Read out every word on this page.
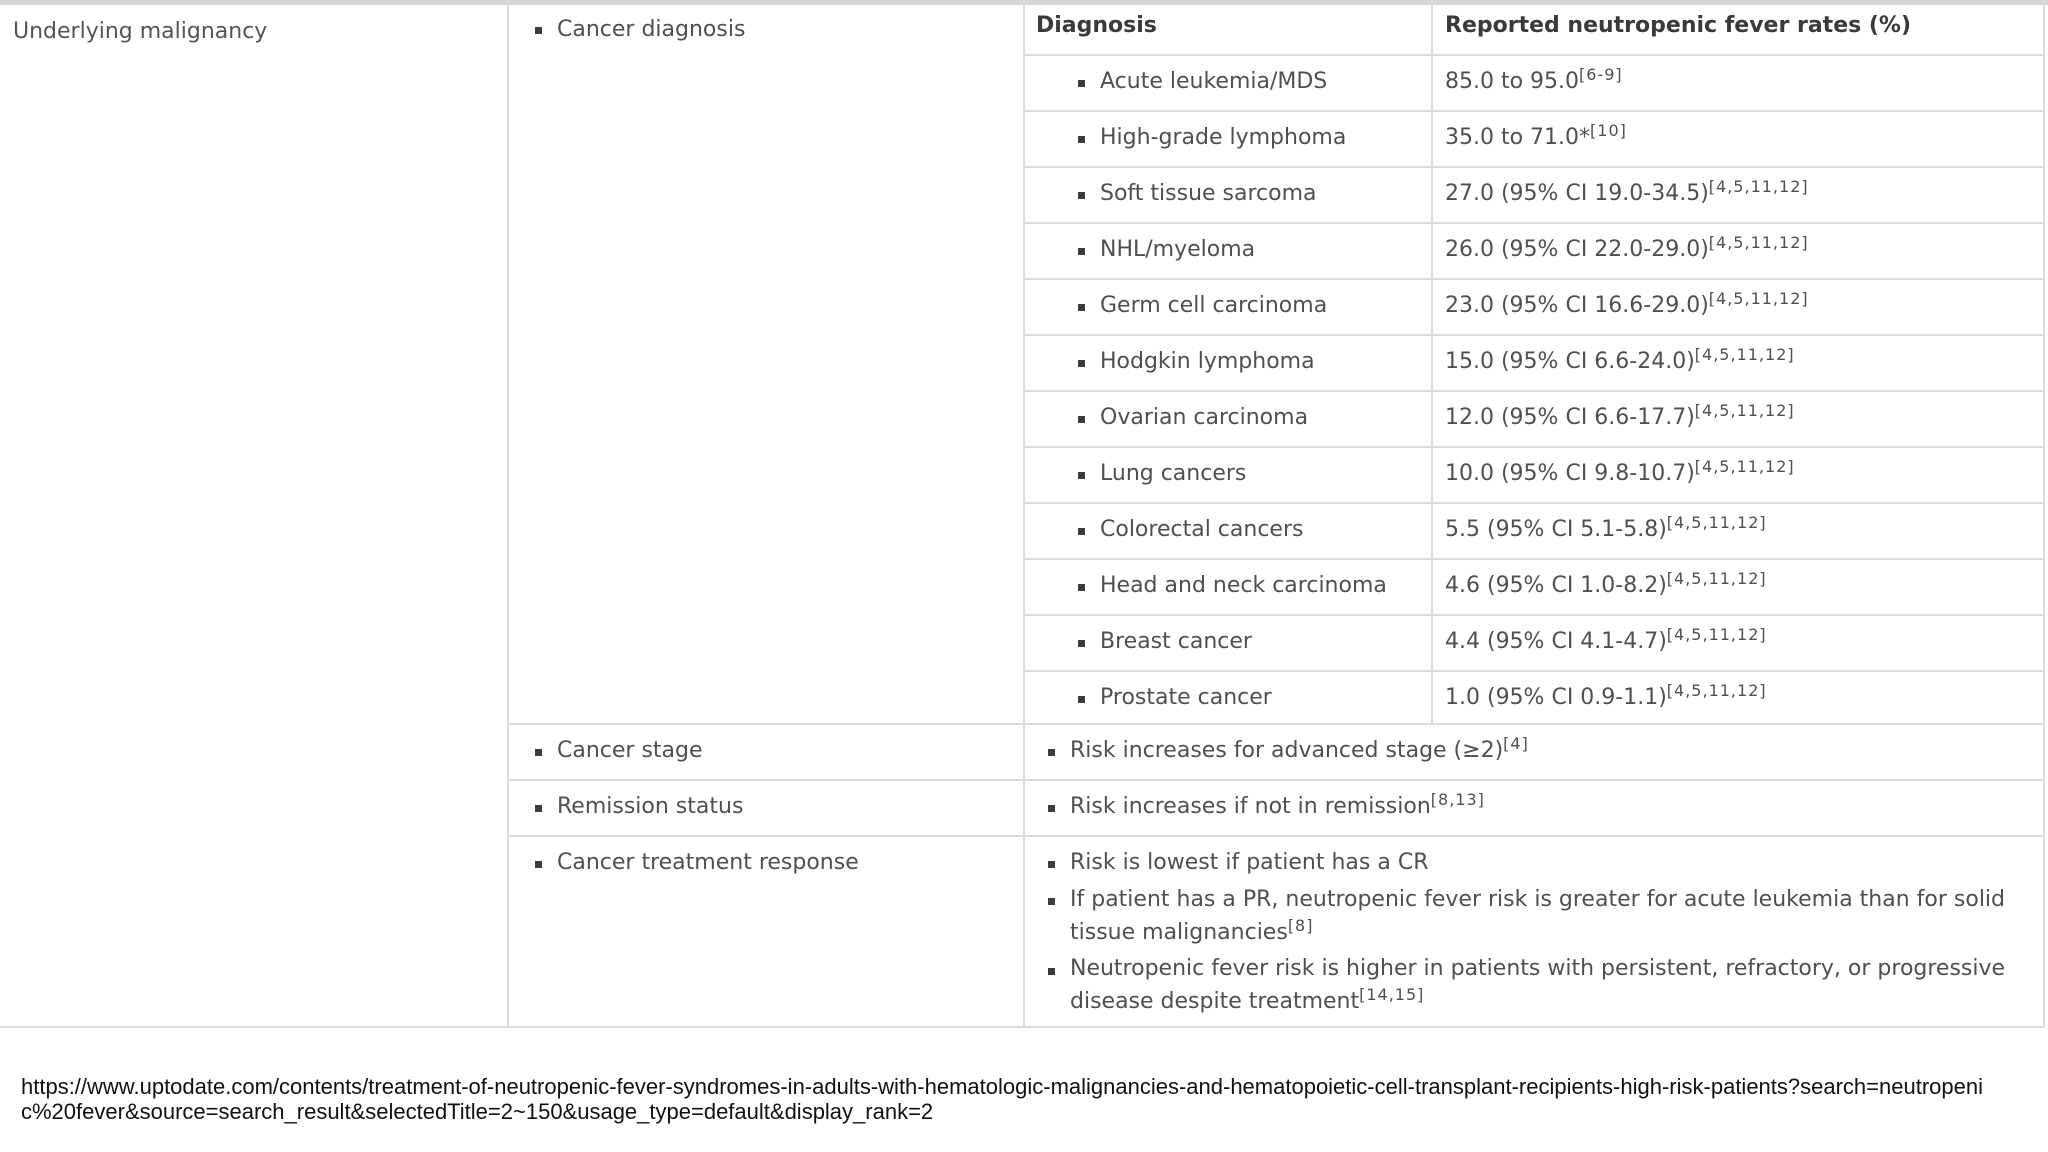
Underlying malignancy	Cancer diagnosis	Diagnosis	Reported neutropenic fever rates (%)
Acute leukemia/MDS	85.0 to 95.0[6-9]
High-grade lymphoma	35.0 to 71.0*[10]
Soft tissue sarcoma	27.0 (95% CI 19.0-34.5)[4,5,11,12]
NHL/myeloma	26.0 (95% CI 22.0-29.0)[4,5,11,12]
Germ cell carcinoma	23.0 (95% CI 16.6-29.0)[4,5,11,12]
Hodgkin lymphoma	15.0 (95% CI 6.6-24.0)[4,5,11,12]
Ovarian carcinoma	12.0 (95% CI 6.6-17.7)[4,5,11,12]
Lung cancers	10.0 (95% CI 9.8-10.7)[4,5,11,12]
Colorectal cancers	5.5 (95% CI 5.1-5.8)[4,5,11,12]
Head and neck carcinoma	4.6 (95% CI 1.0-8.2)[4,5,11,12]
Breast cancer	4.4 (95% CI 4.1-4.7)[4,5,11,12]
Prostate cancer	1.0 (95% CI 0.9-1.1)[4,5,11,12]
Cancer stage	Risk increases for advanced stage (≥2)[4]
Remission status	Risk increases if not in remission[8,13]
Cancer treatment response	Risk is lowest if patient has a CR
If patient has a PR, neutropenic fever risk is greater for acute leukemia than for solid tissue malignancies[8]
Neutropenic fever risk is higher in patients with persistent, refractory, or progressive disease despite treatment[14,15]
https://www.uptodate.com/contents/treatment-of-neutropenic-fever-syndromes-in-adults-with-hematologic-malignancies-and-hematopoietic-cell-transplant-recipients-high-risk-patients?search=neutropenic%20fever&source=search_result&selectedTitle=2~150&usage_type=default&display_rank=2
